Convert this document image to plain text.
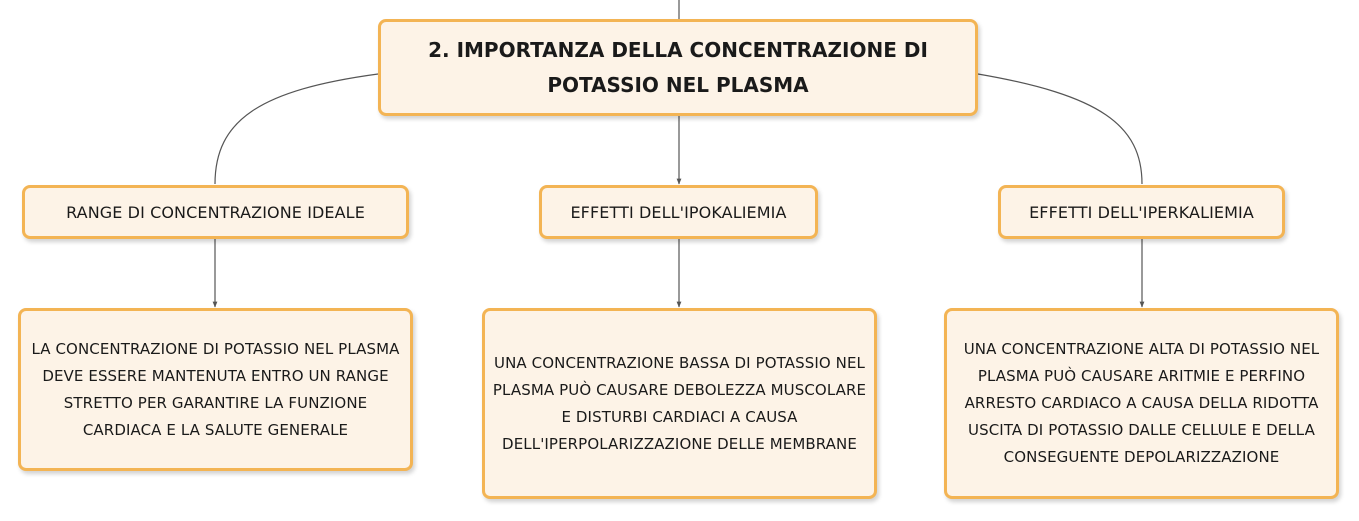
2. IMPORTANZA DELLA CONCENTRAZIONE DI POTASSIO NEL PLASMA
RANGE DI CONCENTRAZIONE IDEALE	EFFETTI DELL'IPOKALIEMIA	EFFETTI DELL'IPERKALIEMIA
LA CONCENTRAZIONE DI POTASSIO NEL PLASMA DEVE ESSERE MANTENUTA ENTRO UN RANGE STRETTO PER GARANTIRE LA FUNZIONE CARDIACA E LA SALUTE GENERALE
UNA CONCENTRAZIONE BASSA DI POTASSIO NEL PLASMA PUÒ CAUSARE DEBOLEZZA MUSCOLARE E DISTURBI CARDIACI A CAUSA DELL'IPERPOLARIZZAZIONE DELLE MEMBRANE
UNA CONCENTRAZIONE ALTA DI POTASSIO NEL PLASMA PUÒ CAUSARE ARITMIE E PERFINO ARRESTO CARDIACO A CAUSA DELLA RIDOTTA USCITA DI POTASSIO DALLE CELLULE E DELLA CONSEGUENTE DEPOLARIZZAZIONE
